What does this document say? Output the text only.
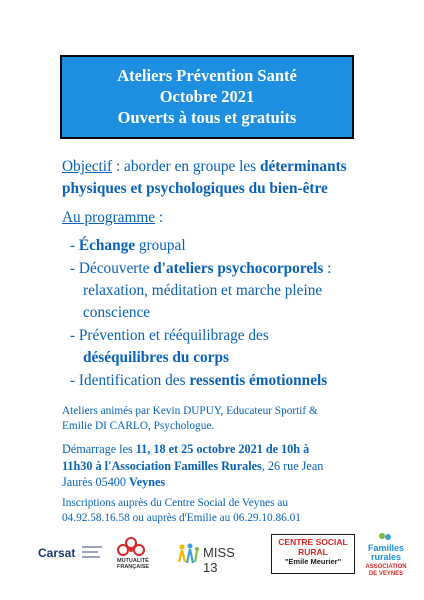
Ateliers Prévention Santé
Octobre 2021
Ouverts à tous et gratuits
Objectif : aborder en groupe les déterminants
physiques et psychologiques du bien-être
Au programme :
- Échange groupal
- Découverte d'ateliers psychocorporels :
relaxation, méditation et marche pleine
conscience
- Prévention et rééquilibrage des
déséquilibres du corps
- Identification des ressentis émotionnels
Ateliers animés par Kevin DUPUY, Educateur Sportif &
Emilie DI CARLO, Psychologue.
Démarrage les 11, 18 et 25 octobre 2021 de 10h à
11h30 à l'Association Familles Rurales, 26 rue Jean
Jaurès 05400 Veynes
Inscriptions auprès du Centre Social de Veynes au
04.92.58.16.58 ou auprès d'Emilie au 06.29.10.86.01
Carsat
MUTUALITÉ
FRANÇAISE
MISS 13
CENTRE SOCIAL
RURAL
"Emile Meurier"
Familles
rurales
ASSOCIATION
DE VEYNES
